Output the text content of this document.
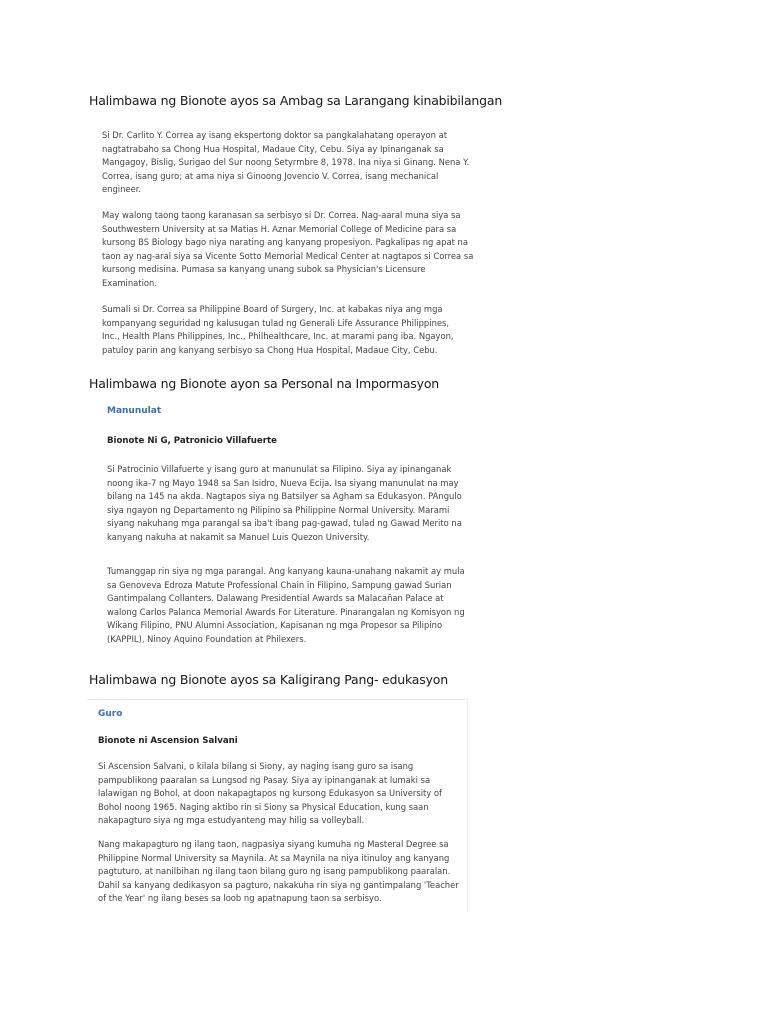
Halimbawa ng Bionote ayos sa Ambag sa Larangang kinabibilangan
Si Dr. Carlito Y. Correa ay isang ekspertong doktor sa pangkalahatang operayon at
nagtatrabaho sa Chong Hua Hospital, Madaue City, Cebu. Siya ay Ipinanganak sa
Mangagoy, Bislig, Surigao del Sur noong Setyrmbre 8, 1978. Ina niya si Ginang. Nena Y.
Correa, isang guro; at ama niya si Ginoong Jovencio V. Correa, isang mechanical
engineer.
May walong taong taong karanasan sa serbisyo si Dr. Correa. Nag-aaral muna siya sa
Southwestern University at sa Matias H. Aznar Memorial College of Medicine para sa
kursong BS Biology bago niya narating ang kanyang propesiyon. Pagkalipas ng apat na
taon ay nag-aral siya sa Vicente Sotto Memorial Medical Center at nagtapos si Correa sa
kursong medisina. Pumasa sa kanyang unang subok sa Physician's Licensure
Examination.
Sumali si Dr. Correa sa Philippine Board of Surgery, Inc. at kabakas niya ang mga
kompanyang seguridad ng kalusugan tulad ng Generali Life Assurance Philippines,
Inc., Health Plans Philippines, Inc., Philhealthcare, Inc. at marami pang iba. Ngayon,
patuloy parin ang kanyang serbisyo sa Chong Hua Hospital, Madaue City, Cebu.
Halimbawa ng Bionote ayon sa Personal na Impormasyon
Manunulat
Bionote Ni G, Patronicio Villafuerte
Si Patrocinio Villafuerte y isang guro at manunulat sa Filipino. Siya ay ipinanganak
noong ika-7 ng Mayo 1948 sa San Isidro, Nueva Ecija. Isa siyang manunulat na may
bilang na 145 na akda. Nagtapos siya ng Batsilyer sa Agham sa Edukasyon. PAngulo
siya ngayon ng Departamento ng Pilipino sa Philippine Normal University. Marami
siyang nakuhang mga parangal sa iba't ibang pag-gawad, tulad ng Gawad Merito na
kanyang nakuha at nakamit sa Manuel Luis Quezon University.
Tumanggap rin siya ng mga parangal. Ang kanyang kauna-unahang nakamit ay mula
sa Genoveva Edroza Matute Professional Chain in Filipino, Sampung gawad Surian
Gantimpalang Collanters. Dalawang Presidential Awards sa Malacañan Palace at
walong Carlos Palanca Memorial Awards For Literature. Pinarangalan ng Komisyon ng
Wikang Filipino, PNU Alumni Association, Kapisanan ng mga Propesor sa Pilipino
(KAPPIL), Ninoy Aquino Foundation at Philexers.
Halimbawa ng Bionote ayos sa Kaligirang Pang- edukasyon
Guro
Bionote ni Ascension Salvani
Si Ascension Salvani, o kilala bilang si Siony, ay naging isang guro sa isang
pampublikong paaralan sa Lungsod ng Pasay. Siya ay ipinanganak at lumaki sa
lalawigan ng Bohol, at doon nakapagtapos ng kursong Edukasyon sa University of
Bohol noong 1965. Naging aktibo rin si Siony sa Physical Education, kung saan
nakapagturo siya ng mga estudyanteng may hilig sa volleyball.
Nang makapagturo ng ilang taon, nagpasiya siyang kumuha ng Masteral Degree sa
Philippine Normal University sa Maynila. At sa Maynila na niya itinuloy ang kanyang
pagtuturo, at nanilbihan ng ilang taon bilang guro ng isang pampublikong paaralan.
Dahil sa kanyang dedikasyon sa pagturo, nakakuha rin siya ng gantimpalang 'Teacher
of the Year' ng ilang beses sa loob ng apatnapung taon sa serbisyo.
